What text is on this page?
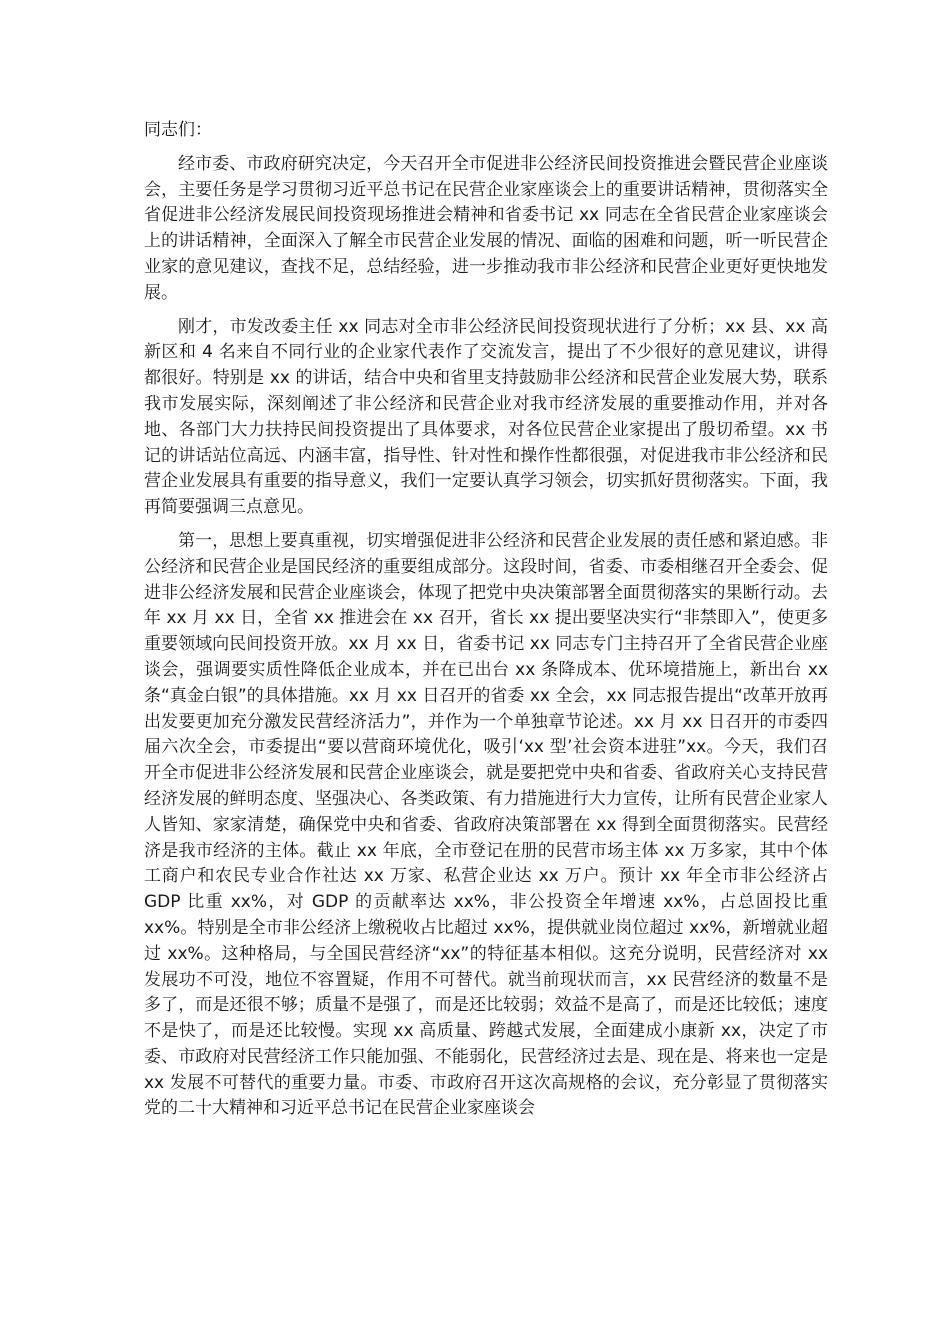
同志们：

经市委、市政府研究决定，今天召开全市促进非公经济民间投资推进会暨民营企业座谈会，主要任务是学习贯彻习近平总书记在民营企业家座谈会上的重要讲话精神，贯彻落实全省促进非公经济发展民间投资现场推进会精神和省委书记 xx 同志在全省民营企业家座谈会上的讲话精神，全面深入了解全市民营企业发展的情况、面临的困难和问题，听一听民营企业家的意见建议，查找不足，总结经验，进一步推动我市非公经济和民营企业更好更快地发展。

刚才，市发改委主任 xx 同志对全市非公经济民间投资现状进行了分析；xx 县、xx 高新区和 4 名来自不同行业的企业家代表作了交流发言，提出了不少很好的意见建议，讲得都很好。特别是 xx 的讲话，结合中央和省里支持鼓励非公经济和民营企业发展大势，联系我市发展实际，深刻阐述了非公经济和民营企业对我市经济发展的重要推动作用，并对各地、各部门大力扶持民间投资提出了具体要求，对各位民营企业家提出了殷切希望。xx 书记的讲话站位高远、内涵丰富，指导性、针对性和操作性都很强，对促进我市非公经济和民营企业发展具有重要的指导意义，我们一定要认真学习领会，切实抓好贯彻落实。下面，我再简要强调三点意见。

第一，思想上要真重视，切实增强促进非公经济和民营企业发展的责任感和紧迫感。非公经济和民营企业是国民经济的重要组成部分。这段时间，省委、市委相继召开全委会、促进非公经济发展和民营企业座谈会，体现了把党中央决策部署全面贯彻落实的果断行动。去年 xx 月 xx 日，全省 xx 推进会在 xx 召开，省长 xx 提出要坚决实行“非禁即入”，使更多重要领域向民间投资开放。xx 月 xx 日，省委书记 xx 同志专门主持召开了全省民营企业座谈会，强调要实质性降低企业成本，并在已出台 xx 条降成本、优环境措施上，新出台 xx 条“真金白银”的具体措施。xx 月 xx 日召开的省委 xx 全会，xx 同志报告提出“改革开放再出发要更加充分激发民营经济活力”，并作为一个单独章节论述。xx 月 xx 日召开的市委四届六次全会，市委提出“要以营商环境优化，吸引‘xx 型’社会资本进驻”xx。今天，我们召开全市促进非公经济发展和民营企业座谈会，就是要把党中央和省委、省政府关心支持民营经济发展的鲜明态度、坚强决心、各类政策、有力措施进行大力宣传，让所有民营企业家人人皆知、家家清楚，确保党中央和省委、省政府决策部署在 xx 得到全面贯彻落实。民营经济是我市经济的主体。截止 xx 年底，全市登记在册的民营市场主体 xx 万多家，其中个体工商户和农民专业合作社达 xx 万家、私营企业达 xx 万户。预计 xx 年全市非公经济占 GDP 比重 xx%，对 GDP 的贡献率达 xx%，非公投资全年增速 xx%，占总固投比重 xx%。特别是全市非公经济上缴税收占比超过 xx%，提供就业岗位超过 xx%，新增就业超过 xx%。这种格局，与全国民营经济“xx”的特征基本相似。这充分说明，民营经济对 xx 发展功不可没，地位不容置疑，作用不可替代。就当前现状而言，xx 民营经济的数量不是多了，而是还很不够；质量不是强了，而是还比较弱；效益不是高了，而是还比较低；速度不是快了，而是还比较慢。实现 xx 高质量、跨越式发展，全面建成小康新 xx，决定了市委、市政府对民营经济工作只能加强、不能弱化，民营经济过去是、现在是、将来也一定是 xx 发展不可替代的重要力量。市委、市政府召开这次高规格的会议，充分彰显了贯彻落实党的二十大精神和习近平总书记在民营企业家座谈会
